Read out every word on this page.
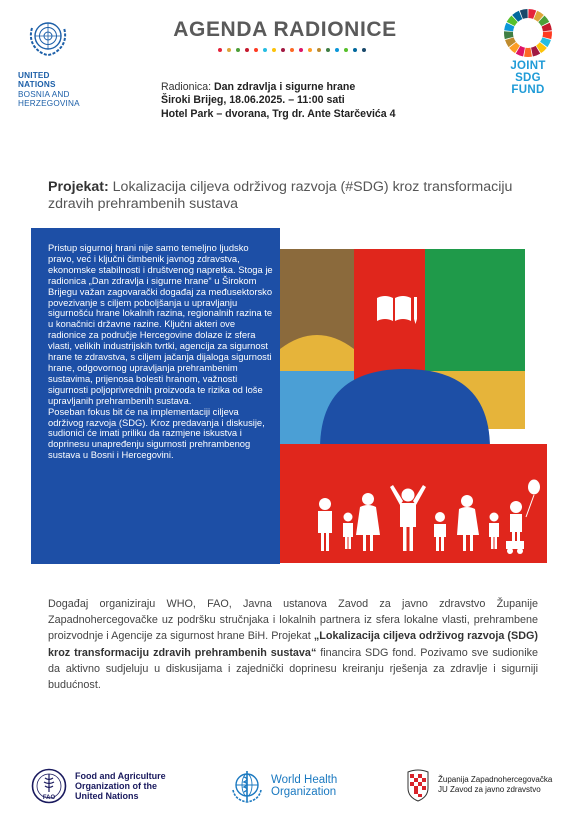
UNITED
NATIONS
BOSNIA AND
HERZEGOVINA
AGENDA RADIONICE
JOINT
SDG
FUND
Radionica: Dan zdravlja i sigurne hrane
Široki Brijeg, 18.06.2025. – 11:00 sati
Hotel Park – dvorana, Trg dr. Ante Starčevića 4
Projekat: Lokalizacija ciljeva održivog razvoja (#SDG) kroz transformaciju zdravih prehrambenih sustava
Pristup sigurnoj hrani nije samo temeljno ljudsko pravo, već i ključni čimbenik javnog zdravstva, ekonomske stabilnosti i društvenog napretka. Stoga je radionica „Dan zdravlja i sigurne hrane“ u Širokom Brijegu važan zagovarački događaj za međusektorsko povezivanje s ciljem poboljšanja u upravljanju sigurnošću hrane lokalnih razina, regionalnih razina te u konačnici državne razine. Ključni akteri ove radionice za područje Hercegovine dolaze iz sfera vlasti, velikih industrijskih tvrtki, agencija za sigurnost hrane te zdravstva, s ciljem jačanja dijaloga sigurnosti hrane, odgovornog upravljanja prehrambenim sustavima, prijenosa bolesti hranom, važnosti sigurnosti poljoprivrednih proizvoda te rizika od loše upravljanih prehrambenih sustava.
Poseban fokus bit će na implementaciji ciljeva održivog razvoja (SDG). Kroz predavanja i diskusije, sudionici će imati priliku da razmjene iskustva i doprinesu unapređenju sigurnosti prehrambenog sustava u Bosni i Hercegovini.
Događaj organiziraju WHO, FAO, Javna ustanova Zavod za javno zdravstvo Županije Zapadnohercegovačke uz podršku stručnjaka i lokalnih partnera iz sfera lokalne vlasti, prehrambene proizvodnje i Agencije za sigurnost hrane BiH. Projekat „Lokalizacija ciljeva održivog razvoja (SDG) kroz transformaciju zdravih prehrambenih sustava“ financira SDG fond. Pozivamo sve sudionike da aktivno sudjeluju u diskusijama i zajednički doprinesu kreiranju rješenja za zdravlje i sigurniji budućnost.
FAO
Food and Agriculture
Organization of the
United Nations
World Health
Organization
Županija Zapadnohercegovačka
JU Zavod za javno zdravstvo
